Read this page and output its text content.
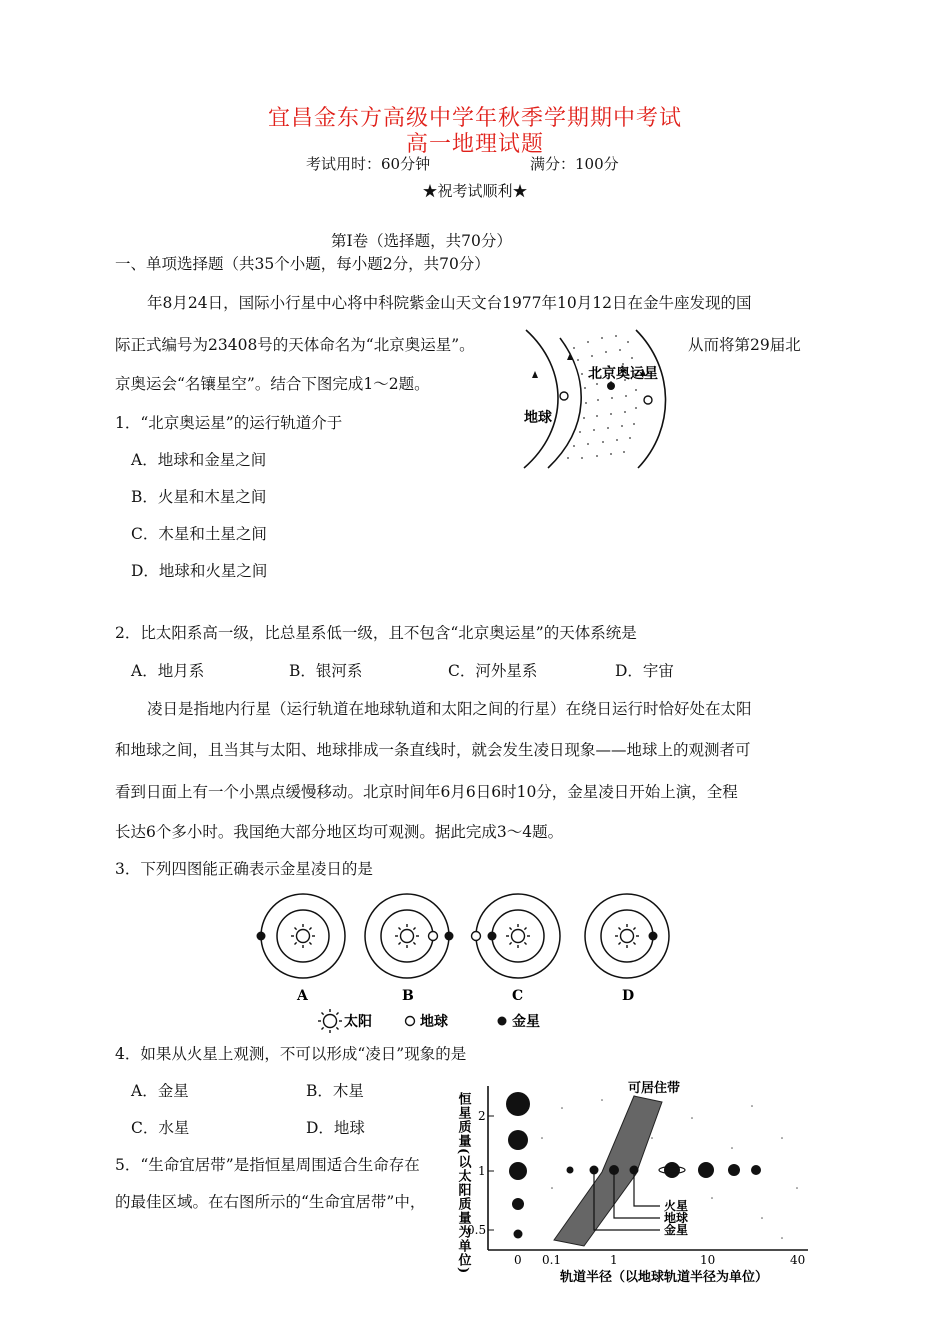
宜昌金东方高级中学年秋季学期期中考试
高一地理试题
考试用时：60分钟	满分：100分
★祝考试顺利★
第Ⅰ卷（选择题，共70分）
一、单项选择题（共35个小题，每小题2分，共70分）
年8月24日，国际小行星中心将中科院紫金山天文台1977年10月12日在金牛座发现的国
际正式编号为23408号的天体命名为“北京奥运星”。	从而将第29届北
京奥运会“名镶星空”。结合下图完成1～2题。
地球
北京奥运星
1．“北京奥运星”的运行轨道介于
A．地球和金星之间
B．火星和木星之间
C．木星和土星之间
D．地球和火星之间
2．比太阳系高一级，比总星系低一级，且不包含“北京奥运星”的天体系统是
A．地月系	B．银河系	C．河外星系	D．宇宙
凌日是指地内行星（运行轨道在地球轨道和太阳之间的行星）在绕日运行时恰好处在太阳
和地球之间，且当其与太阳、地球排成一条直线时，就会发生凌日现象——地球上的观测者可
看到日面上有一个小黑点缓慢移动。北京时间年6月6日6时10分，金星凌日开始上演，全程
长达6个多小时。我国绝大部分地区均可观测。据此完成3～4题。
3．下列四图能正确表示金星凌日的是
A	B	C	D
太阳	地球	金星
4．如果从火星上观测，不可以形成“凌日”现象的是
A．金星	B．木星
C．水星	D．地球
5．“生命宜居带”是指恒星周围适合生命存在
的最佳区域。在右图所示的“生命宜居带”中， 恒星质量(以太阳质量为单位) 2
1
0.5
0 0.1	1	10	40
轨道半径（以地球轨道半径为单位）
可居住带
火星
地球
金星
